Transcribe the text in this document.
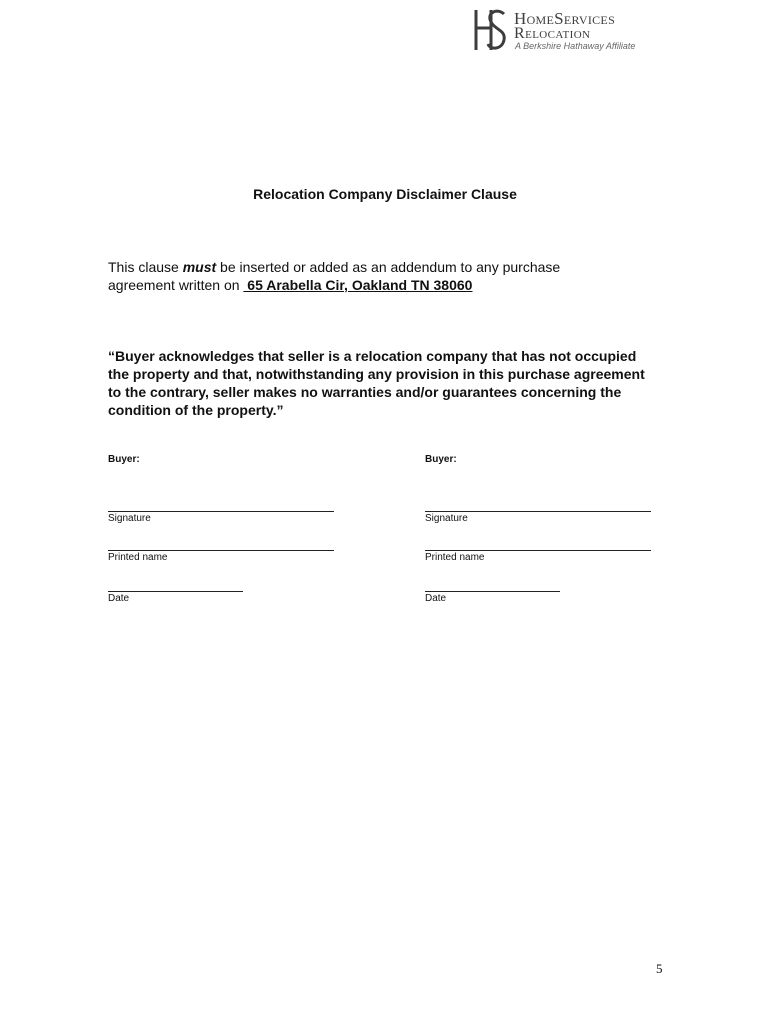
HomeServices
Relocation
A Berkshire Hathaway Affiliate
Relocation Company Disclaimer Clause
This clause must be inserted or added as an addendum to any purchase agreement written on  65 Arabella Cir, Oakland TN 38060
“Buyer acknowledges that seller is a relocation company that has not occupied the property and that, notwithstanding any provision in this purchase agreement to the contrary, seller makes no warranties and/or guarantees concerning the condition of the property.”
Buyer:
Signature
Printed name
Date
Buyer:
Signature
Printed name
Date
5
